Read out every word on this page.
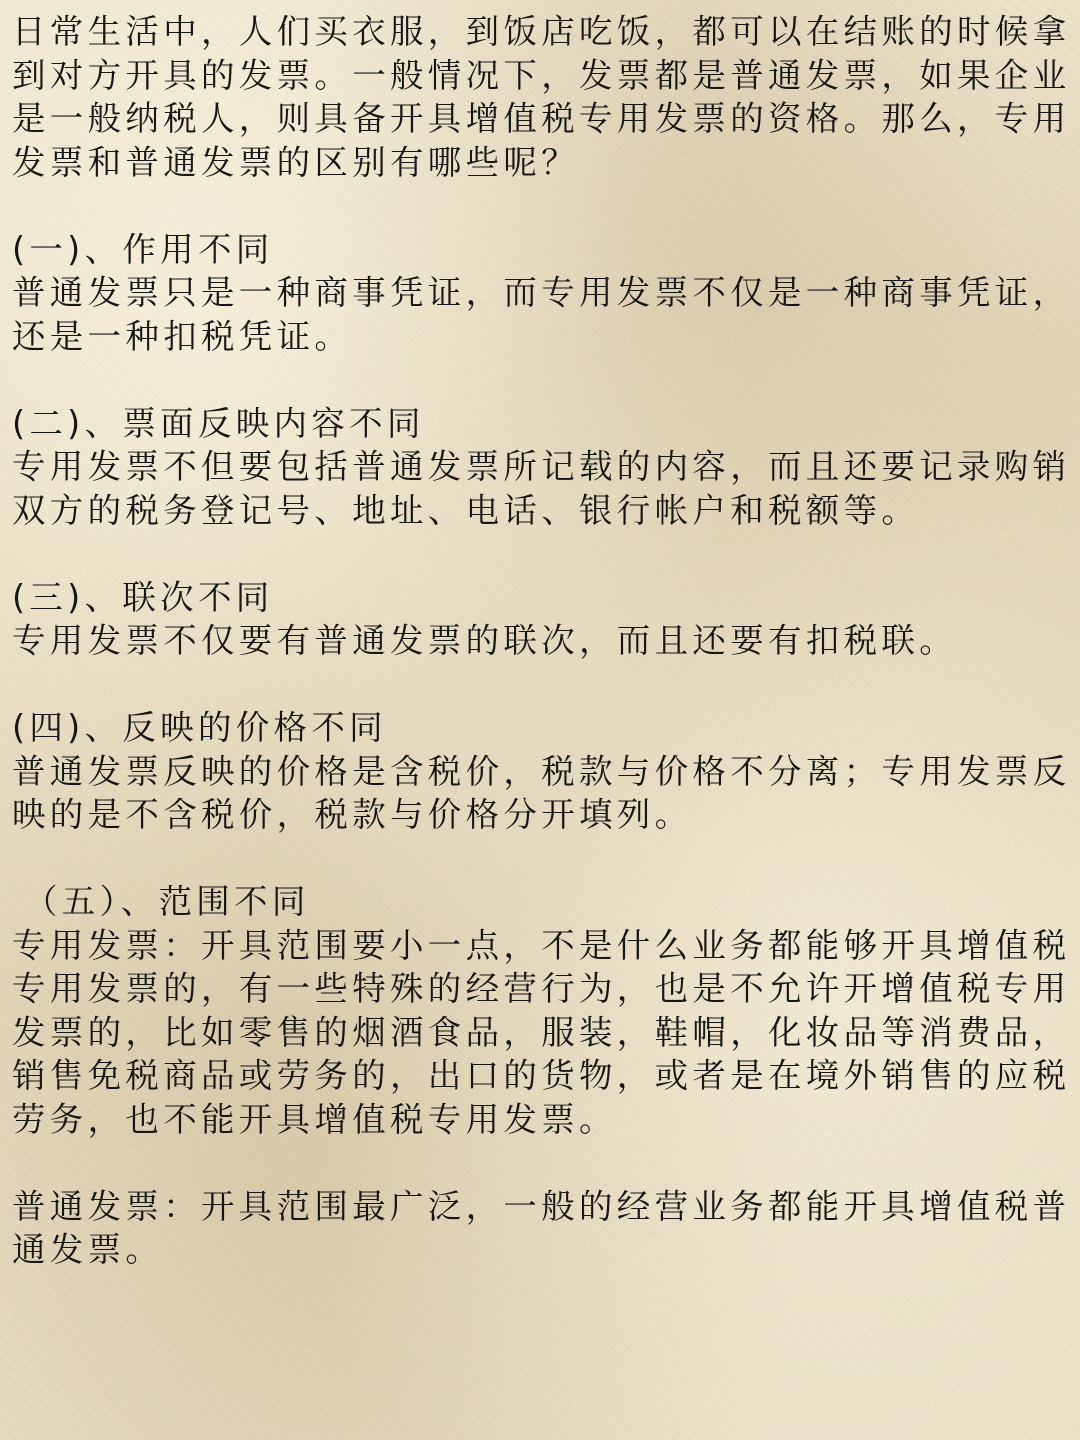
日常生活中，人们买衣服，到饭店吃饭，都可以在结账的时候拿到对方开具的发票。一般情况下，发票都是普通发票，如果企业是一般纳税人，则具备开具增值税专用发票的资格。那么，专用发票和普通发票的区别有哪些呢？

(一)、作用不同

普通发票只是一种商事凭证，而专用发票不仅是一种商事凭证，还是一种扣税凭证。

(二)、票面反映内容不同

专用发票不但要包括普通发票所记载的内容，而且还要记录购销双方的税务登记号、地址、电话、银行帐户和税额等。

(三)、联次不同

专用发票不仅要有普通发票的联次，而且还要有扣税联。

(四)、反映的价格不同

普通发票反映的价格是含税价，税款与价格不分离；专用发票反映的是不含税价，税款与价格分开填列。

（五）、范围不同

专用发票：开具范围要小一点，不是什么业务都能够开具增值税专用发票的，有一些特殊的经营行为，也是不允许开增值税专用发票的，比如零售的烟酒食品，服装，鞋帽，化妆品等消费品，销售免税商品或劳务的，出口的货物，或者是在境外销售的应税劳务，也不能开具增值税专用发票。

普通发票：开具范围最广泛，一般的经营业务都能开具增值税普通发票。
